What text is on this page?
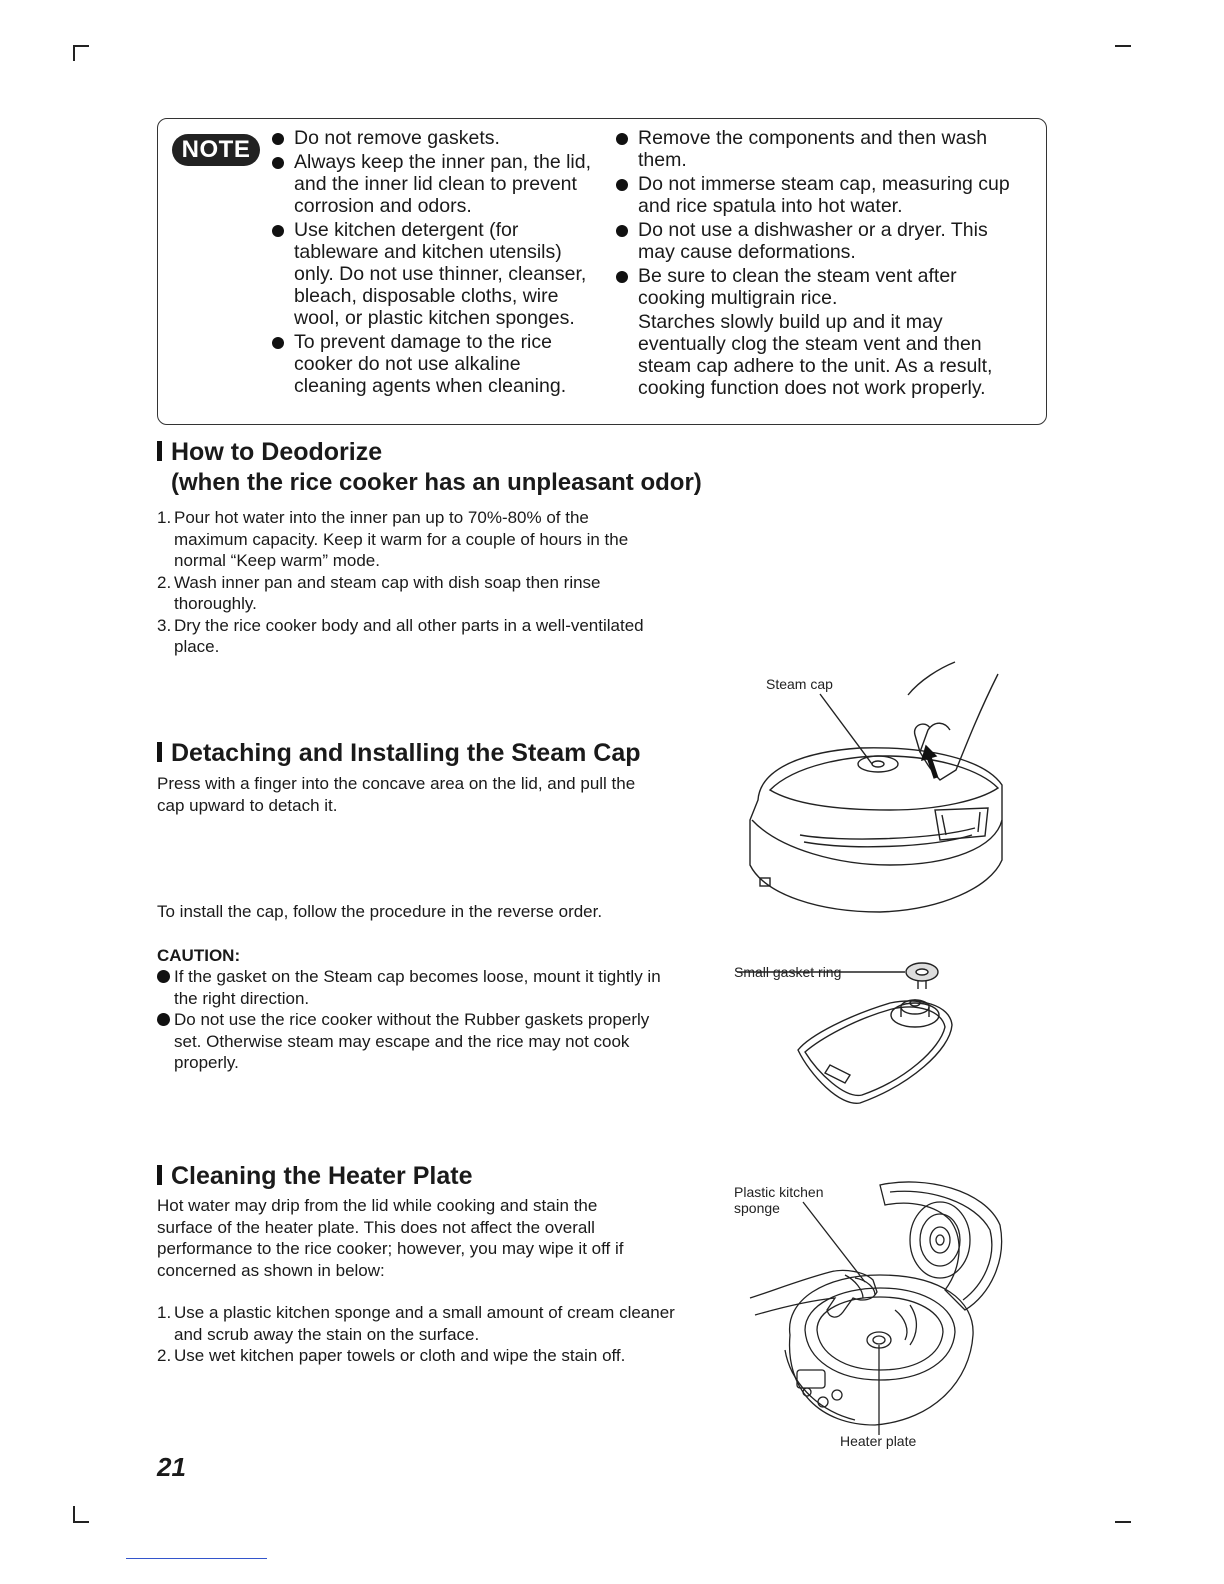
NOTE	Do not remove gaskets.
Always keep the inner pan, the lid, and the inner lid clean to prevent corrosion and odors.
Use kitchen detergent (for tableware and kitchen utensils) only. Do not use thinner, cleanser, bleach, disposable cloths, wire wool, or plastic kitchen sponges.
To prevent damage to the rice cooker do not use alkaline cleaning agents when cleaning.
Remove the components and then wash them.
Do not immerse steam cap, measuring cup and rice spatula into hot water.
Do not use a dishwasher or a dryer. This may cause deformations.
Be sure to clean the steam vent after cooking multigrain rice.
Starches slowly build up and it may eventually clog the steam vent and then steam cap adhere to the unit. As a result, cooking function does not work properly.
How to Deodorize
(when the rice cooker has an unpleasant odor)
1. Pour hot water into the inner pan up to 70%-80% of the maximum capacity. Keep it warm for a couple of hours in the normal “Keep warm” mode.
2. Wash inner pan and steam cap with dish soap then rinse thoroughly.
3. Dry the rice cooker body and all other parts in a well-ventilated place.
Detaching and Installing the Steam Cap
Press with a finger into the concave area on the lid, and pull the cap upward to detach it.
To install the cap, follow the procedure in the reverse order.
CAUTION:
If the gasket on the Steam cap becomes loose, mount it tightly in the right direction.
Do not use the rice cooker without the Rubber gaskets properly set. Otherwise steam may escape and the rice may not cook properly.
Cleaning the Heater Plate
Hot water may drip from the lid while cooking and stain the surface of the heater plate. This does not affect the overall performance to the rice cooker; however, you may wipe it off if concerned as shown in below:
1. Use a plastic kitchen sponge and a small amount of cream cleaner and scrub away the stain on the surface.
2. Use wet kitchen paper towels or cloth and wipe the stain off.
Steam cap
Small gasket ring
Plastic kitchen sponge
Heater plate
21
